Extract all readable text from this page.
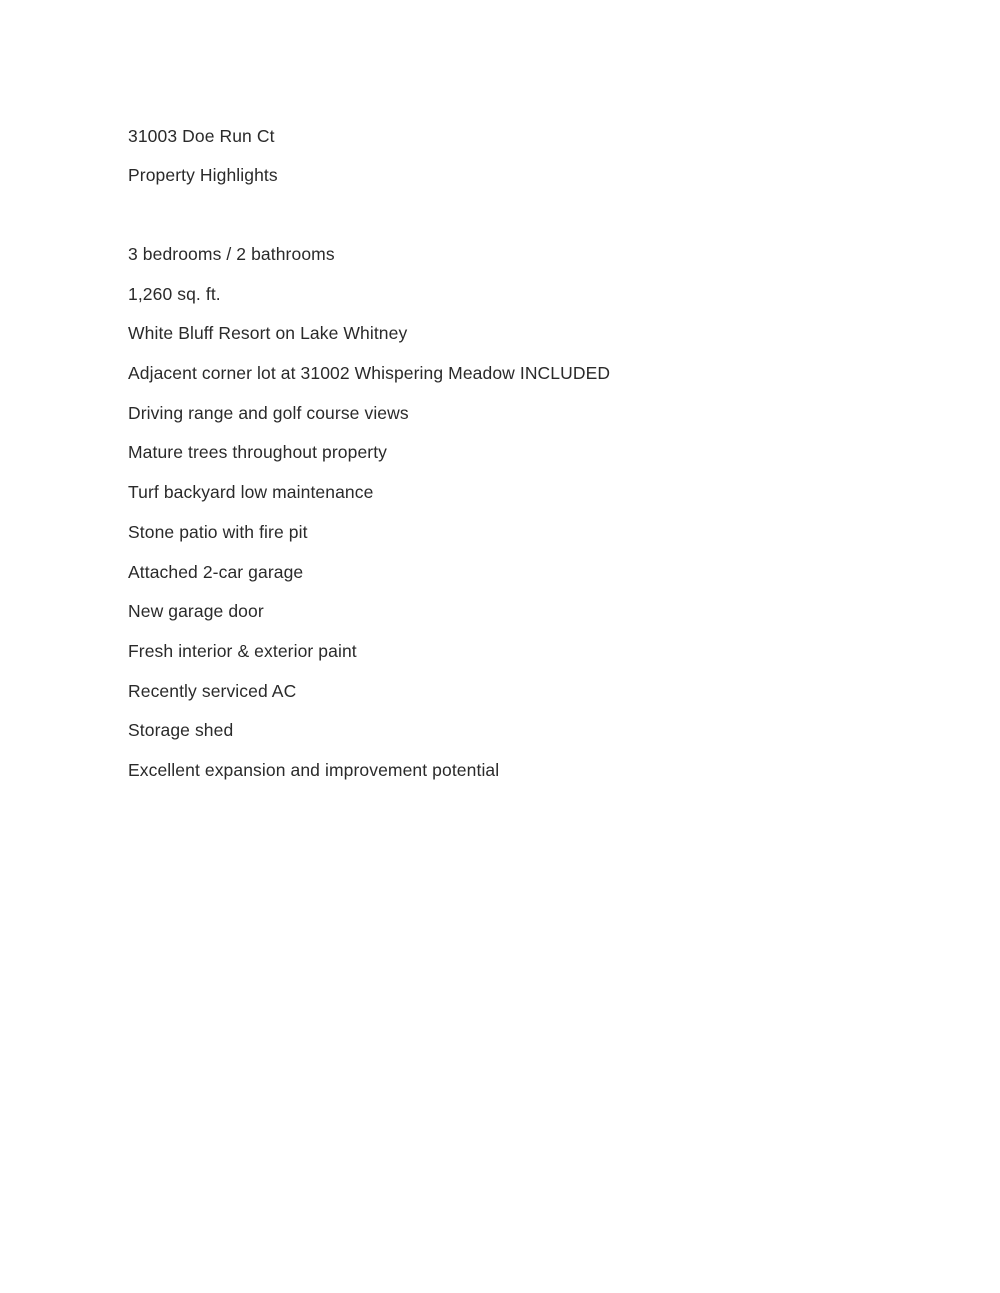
31003 Doe Run Ct
Property Highlights
3 bedrooms / 2 bathrooms
1,260 sq. ft.
White Bluff Resort on Lake Whitney
Adjacent corner lot at 31002 Whispering Meadow INCLUDED
Driving range and golf course views
Mature trees throughout property
Turf backyard low maintenance
Stone patio with fire pit
Attached 2-car garage
New garage door
Fresh interior & exterior paint
Recently serviced AC
Storage shed
Excellent expansion and improvement potential
